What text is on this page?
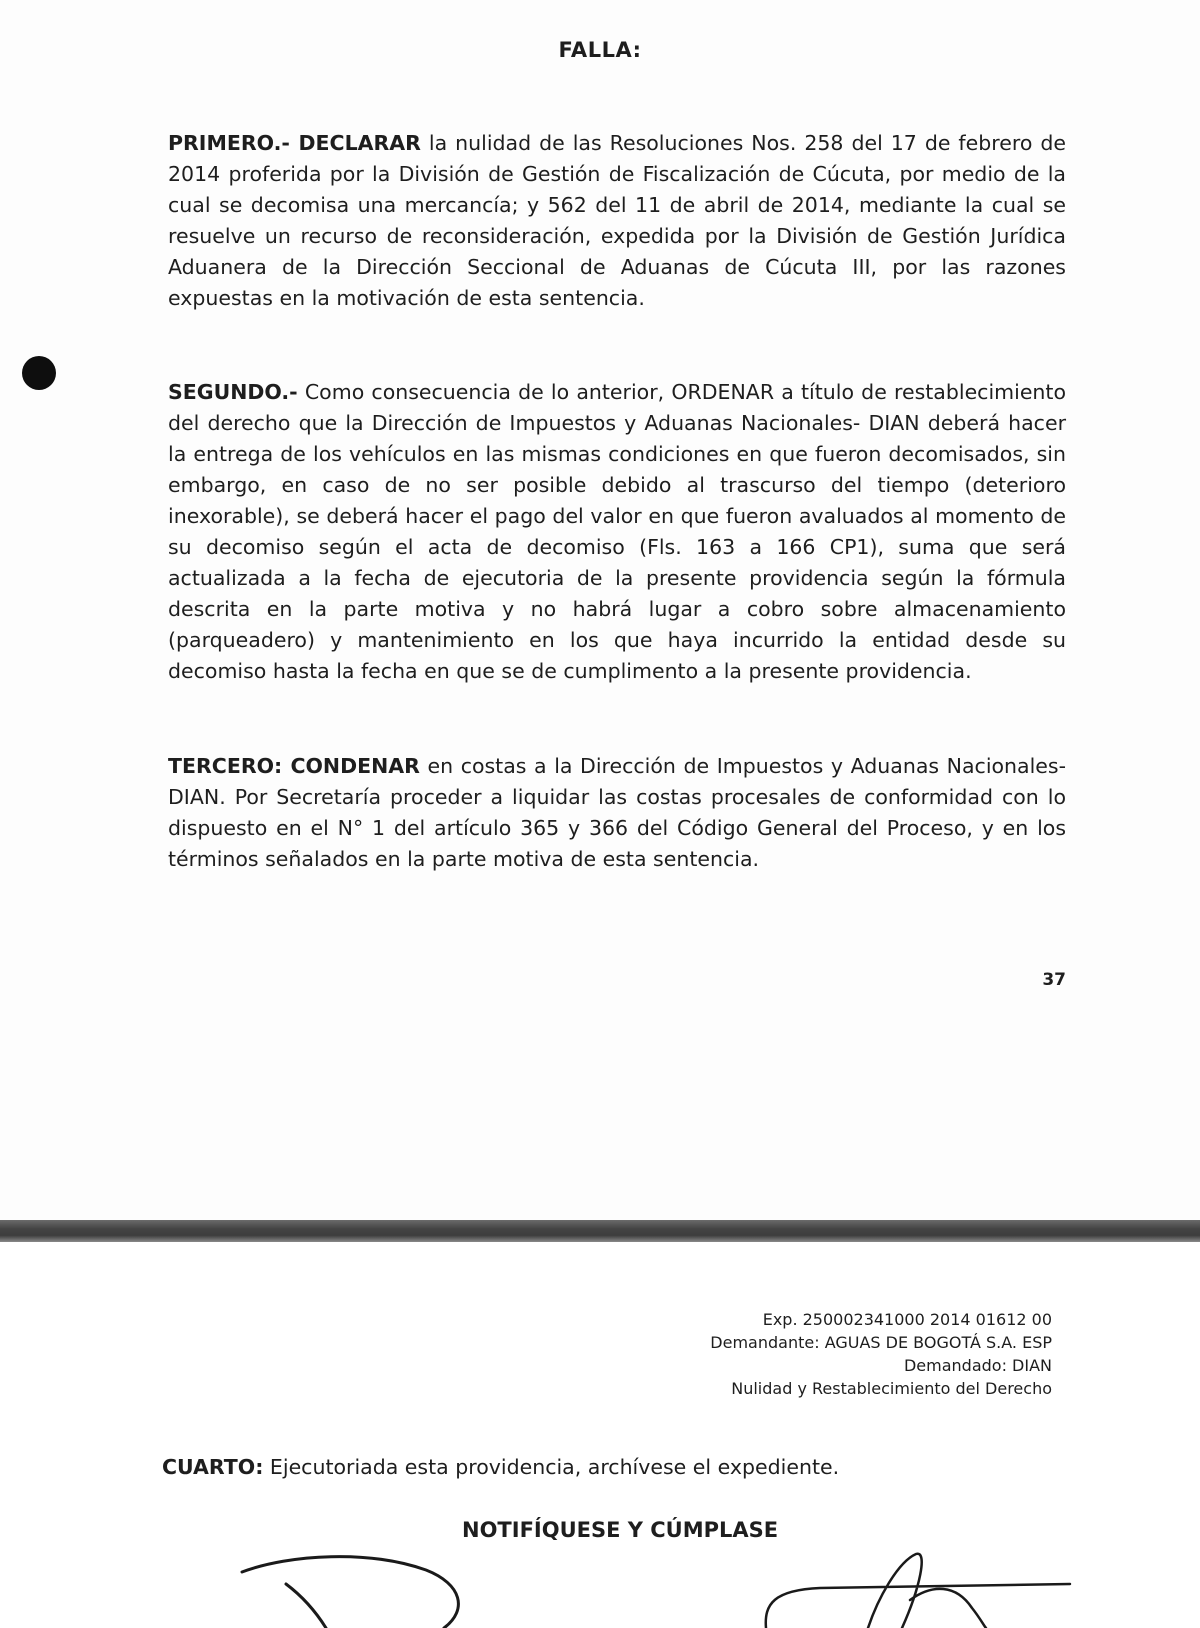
FALLA:

PRIMERO.- DECLARAR la nulidad de las Resoluciones Nos. 258 del 17 de febrero de 2014 proferida por la División de Gestión de Fiscalización de Cúcuta, por medio de la cual se decomisa una mercancía; y 562 del 11 de abril de 2014, mediante la cual se resuelve un recurso de reconsideración, expedida por la División de Gestión Jurídica Aduanera de la Dirección Seccional de Aduanas de Cúcuta III, por las razones expuestas en la motivación de esta sentencia.

SEGUNDO.- Como consecuencia de lo anterior, ORDENAR a título de restablecimiento del derecho que la Dirección de Impuestos y Aduanas Nacionales- DIAN deberá hacer la entrega de los vehículos en las mismas condiciones en que fueron decomisados, sin embargo, en caso de no ser posible debido al trascurso del tiempo (deterioro inexorable), se deberá hacer el pago del valor en que fueron avaluados al momento de su decomiso según el acta de decomiso (Fls. 163 a 166 CP1), suma que será actualizada a la fecha de ejecutoria de la presente providencia según la fórmula descrita en la parte motiva y no habrá lugar a cobro sobre almacenamiento (parqueadero) y mantenimiento en los que haya incurrido la entidad desde su decomiso hasta la fecha en que se de cumplimento a la presente providencia.

TERCERO: CONDENAR en costas a la Dirección de Impuestos y Aduanas Nacionales- DIAN. Por Secretaría proceder a liquidar las costas procesales de conformidad con lo dispuesto en el N° 1 del artículo 365 y 366 del Código General del Proceso, y en los términos señalados en la parte motiva de esta sentencia.

37
Exp. 250002341000 2014 01612 00
Demandante: AGUAS DE BOGOTÁ S.A. ESP
Demandado: DIAN
Nulidad y Restablecimiento del Derecho
CUARTO: Ejecutoriada esta providencia, archívese el expediente.
NOTIFÍQUESE Y CÚMPLASE
